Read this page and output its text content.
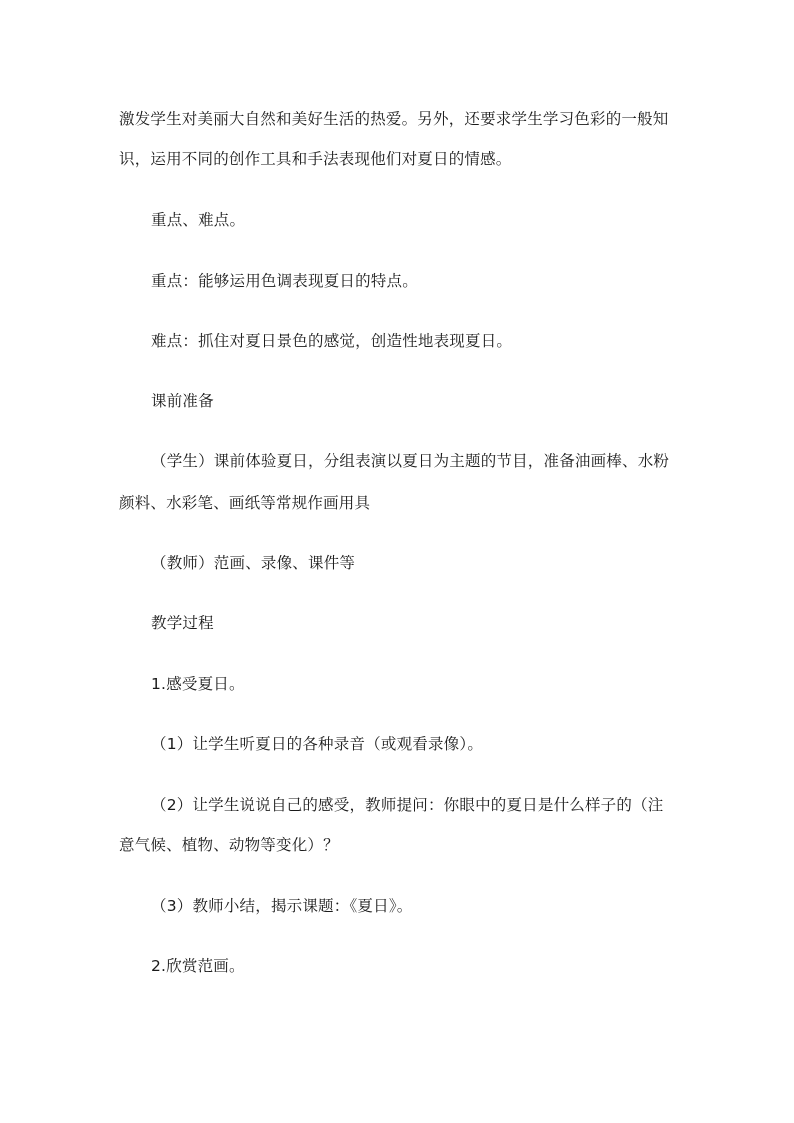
激发学生对美丽大自然和美好生活的热爱。另外，还要求学生学习色彩的一般知
识，运用不同的创作工具和手法表现他们对夏日的情感。
重点、难点。
重点：能够运用色调表现夏日的特点。
难点：抓住对夏日景色的感觉，创造性地表现夏日。
课前准备
（学生）课前体验夏日，分组表演以夏日为主题的节目，准备油画棒、水粉
颜料、水彩笔、画纸等常规作画用具
（教师）范画、录像、课件等
教学过程
1.感受夏日。
（1）让学生听夏日的各种录音（或观看录像）。
（2）让学生说说自己的感受，教师提问：你眼中的夏日是什么样子的（注
意气候、植物、动物等变化）？
（3）教师小结，揭示课题：《夏日》。
2.欣赏范画。
